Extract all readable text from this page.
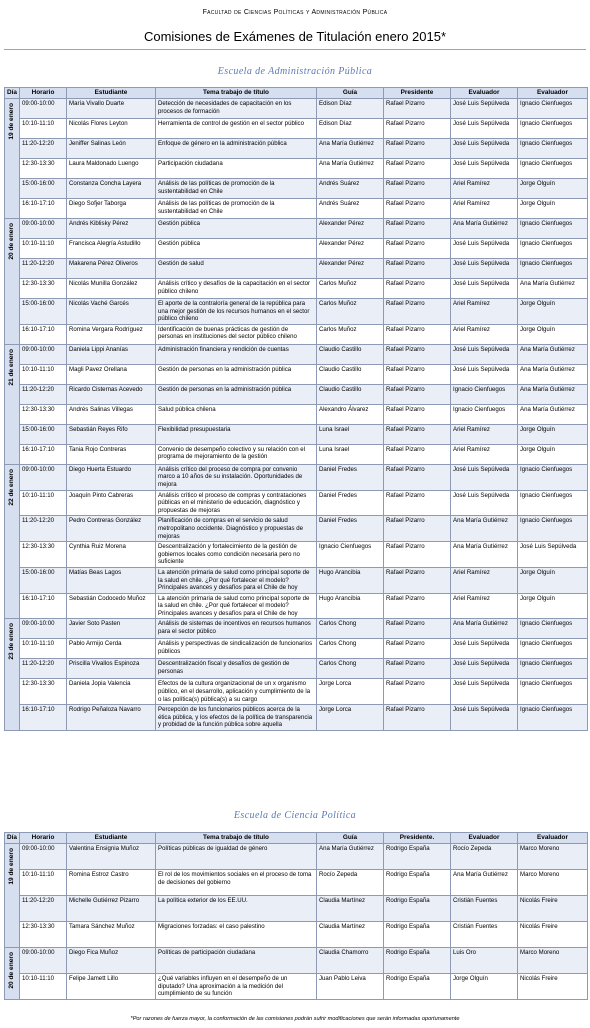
Facultad de Ciencias Políticas y Administración Pública
Comisiones de Exámenes de Titulación enero 2015*
Escuela de Administración Pública
Día	Horario	Estudiante	Tema trabajo de título	Guía	Presidente	Evaluador	Evaluador

19 de enero	09:00-10:00	María Vivallo Duarte	Detección de necesidades de capacitación en los procesos de formación	Edison Díaz	Rafael Pizarro	José Luis Sepúlveda	Ignacio Cienfuegos
	10:10-11:10	Nicolás Flores Leyton	Herramienta de control de gestión en el sector público	Edison Díaz	Rafael Pizarro	José Luis Sepúlveda	Ignacio Cienfuegos
	11:20-12:20	Jeniffer Salinas León	Enfoque de género en la administración pública	Ana María Gutiérrez	Rafael Pizarro	José Luis Sepúlveda	Ignacio Cienfuegos
	12:30-13:30	Laura Maldonado Luengo	Participación ciudadana	Ana María Gutiérrez	Rafael Pizarro	José Luis Sepúlveda	Ignacio Cienfuegos
	15:00-16:00	Constanza Concha Layera	Análisis de las políticas de promoción de la sustentabilidad en Chile	Andrés Suárez	Rafael Pizarro	Ariel Ramírez	Jorge Olguín
	16:10-17:10	Diego Sofjer Taborga	Análisis de las políticas de promoción de la sustentabilidad en Chile	Andrés Suárez	Rafael Pizarro	Ariel Ramírez	Jorge Olguín

20 de enero	09:00-10:00	Andrés Kiblisky Pérez	Gestión pública	Alexander Pérez	Rafael Pizarro	Ana María Gutiérrez	Ignacio Cienfuegos
	10:10-11:10	Francisca Alegría Astudillo	Gestión pública	Alexander Pérez	Rafael Pizarro	José Luis Sepúlveda	Ignacio Cienfuegos
	11:20-12:20	Makarena Pérez Oliveros	Gestión de salud	Alexander Pérez	Rafael Pizarro	José Luis Sepúlveda	Ignacio Cienfuegos
	12:30-13:30	Nicolás Munilla González	Análisis crítico y desafíos de la capacitación en el sector público chileno	Carlos Muñoz	Rafael Pizarro	José Luis Sepúlveda	Ana María Gutiérrez
	15:00-16:00	Nicolás Vaché Garcés	El aporte de la contraloría general de la república para una mejor gestión de los recursos humanos en el sector público chileno	Carlos Muñoz	Rafael Pizarro	Ariel Ramírez	Jorge Olguín
	16:10-17:10	Romina Vergara Rodríguez	Identificación de buenas prácticas de gestión de personas en instituciones del sector público chileno	Carlos Muñoz	Rafael Pizarro	Ariel Ramírez	Jorge Olguín

21 de enero	09:00-10:00	Daniela Lippi Ananías	Administración financiera y rendición de cuentas	Claudio Castillo	Rafael Pizarro	José Luis Sepúlveda	Ana María Gutiérrez
	10:10-11:10	Magli Pavez Orellana	Gestión de personas en la administración pública	Claudio Castillo	Rafael Pizarro	José Luis Sepúlveda	Ana María Gutiérrez
	11:20-12:20	Ricardo Cisternas Acevedo	Gestión de personas en la administración pública	Claudio Castillo	Rafael Pizarro	Ignacio Cienfuegos	Ana María Gutiérrez
	12:30-13:30	Andrés Salinas Villegas	Salud pública chilena	Alexandro Álvarez	Rafael Pizarro	Ignacio Cienfuegos	Ana María Gutiérrez
	15:00-16:00	Sebastián Reyes Rifo	Flexibilidad presupuestaria	Luna Israel	Rafael Pizarro	Ariel Ramírez	Jorge Olguín
	16:10-17:10	Tania Rojo Contreras	Convenio de desempeño colectivo y su relación con el programa de mejoramiento de la gestión	Luna Israel	Rafael Pizarro	Ariel Ramírez	Jorge Olguín

22 de enero	09:00-10:00	Diego Huerta Estuardo	Análisis crítico del proceso de compra por convenio marco a 10 años de su instalación. Oportunidades de mejora	Daniel Fredes	Rafael Pizarro	José Luis Sepúlveda	Ignacio Cienfuegos
	10:10-11:10	Joaquín Pinto Cabreras	Análisis crítico el proceso de compras y contrataciones públicas en el ministerio de educación, diagnóstico y propuestas de mejoras	Daniel Fredes	Rafael Pizarro	José Luis Sepúlveda	Ignacio Cienfuegos
	11:20-12:20	Pedro Contreras González	Planificación de compras en el servicio de salud metropolitano occidente. Diagnóstico y propuestas de mejoras	Daniel Fredes	Rafael Pizarro	Ana María Gutiérrez	Ignacio Cienfuegos
	12:30-13:30	Cynthia Ruiz Morena	Descentralización y fortalecimiento de la gestión de gobiernos locales como condición necesaria pero no suficiente	Ignacio Cienfuegos	Rafael Pizarro	Ana María Gutiérrez	José Luis Sepúlveda
	15:00-16:00	Matías Beas Lagos	La atención primaria de salud como principal soporte de la salud en chile. ¿Por qué fortalecer el modelo? Principales avances y desafíos para el Chile de hoy	Hugo Arancibia	Rafael Pizarro	Ariel Ramírez	Jorge Olguín
	16:10-17:10	Sebastián Codocedo Muñoz	La atención primaria de salud como principal soporte de la salud en chile. ¿Por qué fortalecer el modelo? Principales avances y desafíos para el Chile de hoy	Hugo Arancibia	Rafael Pizarro	Ariel Ramírez	Jorge Olguín

23 de enero	09:00-10:00	Javier Soto Pasten	Análisis de sistemas de incentivos en recursos humanos para el sector público	Carlos Chong	Rafael Pizarro	Ana María Gutiérrez	Ignacio Cienfuegos
	10:10-11:10	Pablo Armijo Cerda	Análisis y perspectivas de sindicalización de funcionarios públicos	Carlos Chong	Rafael Pizarro	José Luis Sepúlveda	Ignacio Cienfuegos
	11:20-12:20	Priscilla Vivallos Espinoza	Descentralización fiscal y desafíos de gestión de personas	Carlos Chong	Rafael Pizarro	José Luis Sepúlveda	Ignacio Cienfuegos
	12:30-13:30	Daniela Jopia Valencia	Efectos de la cultura organizacional de un x organismo público, en el desarrollo, aplicación y cumplimiento de la o las política(s) pública(s) a su cargo	Jorge Lorca	Rafael Pizarro	José Luis Sepúlveda	Ignacio Cienfuegos
	16:10-17:10	Rodrigo Peñaloza Navarro	Percepción de los funcionarios públicos acerca de la ética pública, y los efectos de la política de transparencia y probidad de la función pública sobre aquella	Jorge Lorca	Rafael Pizarro	José Luis Sepúlveda	Ignacio Cienfuegos
Escuela de Ciencia Política
Día	Horario	Estudiante	Tema trabajo de título	Guía	Presidente.	Evaluador	Evaluador

19 de enero	09:00-10:00	Valentina Ensignia Muñoz	Políticas públicas de igualdad de género	Ana María Gutiérrez	Rodrigo España	Rocío Zepeda	Marco Moreno
	10:10-11:10	Romina Estroz Castro	El rol de los movimientos sociales en el proceso de toma de decisiones del gobierno	Rocío Zepeda	Rodrigo España	Ana María Gutiérrez	Marco Moreno
	11:20-12:20	Michelle Gutiérrez Pizarro	La política exterior de los EE.UU.	Claudia Martínez	Rodrigo España	Cristián Fuentes	Nicolás Freire
	12:30-13:30	Tamara Sánchez Muñoz	Migraciones forzadas: el caso palestino	Claudia Martínez	Rodrigo España	Cristián Fuentes	Nicolás Freire

20 de enero	09:00-10:00	Diego Fica Muñoz	Políticas de participación ciudadana	Claudia Chamorro	Rodrigo España	Luis Oro	Marco Moreno
	10:10-11:10	Felipe Jamett Lillo	¿Qué variables influyen en el desempeño de un diputado? Una aproximación a la medición del cumplimiento de su función	Juan Pablo Leiva	Rodrigo España	Jorge Olguín	Nicolás Freire
*Por razones de fuerza mayor, la conformación de las comisiones podrán sufrir modificaciones que serán informadas oportunamente
